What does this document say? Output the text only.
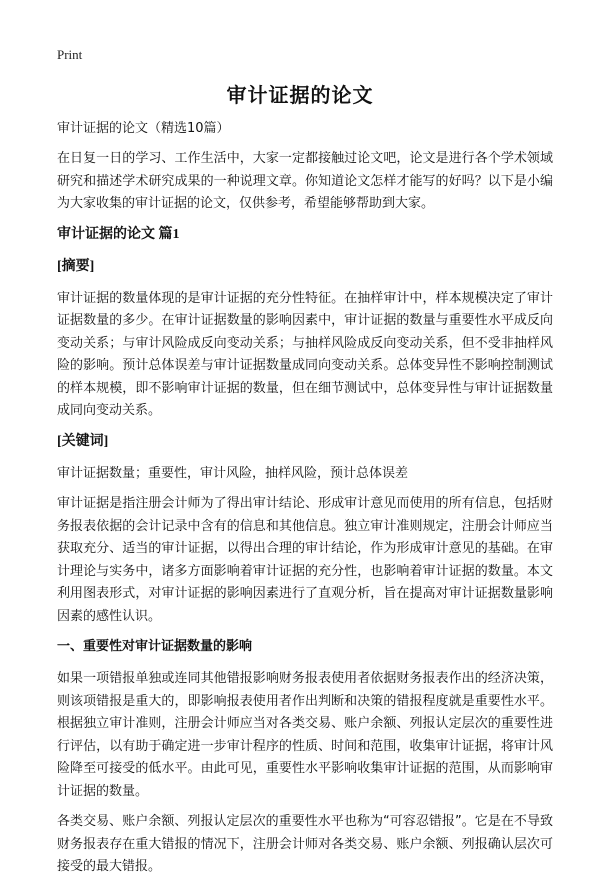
Print
审计证据的论文

审计证据的论文（精选10篇）

在日复一日的学习、工作生活中，大家一定都接触过论文吧，论文是进行各个学术领域研究和描述学术研究成果的一种说理文章。你知道论文怎样才能写的好吗？以下是小编为大家收集的审计证据的论文，仅供参考，希望能够帮助到大家。

审计证据的论文 篇1

[摘要]

审计证据的数量体现的是审计证据的充分性特征。在抽样审计中，样本规模决定了审计证据数量的多少。在审计证据数量的影响因素中，审计证据的数量与重要性水平成反向变动关系；与审计风险成反向变动关系；与抽样风险成反向变动关系，但不受非抽样风险的影响。预计总体误差与审计证据数量成同向变动关系。总体变异性不影响控制测试的样本规模，即不影响审计证据的数量，但在细节测试中，总体变异性与审计证据数量成同向变动关系。

[关键词]

审计证据数量；重要性，审计风险，抽样风险，预计总体误差

审计证据是指注册会计师为了得出审计结论、形成审计意见而使用的所有信息，包括财务报表依据的会计记录中含有的信息和其他信息。独立审计准则规定，注册会计师应当获取充分、适当的审计证据，以得出合理的审计结论，作为形成审计意见的基础。在审计理论与实务中，诸多方面影响着审计证据的充分性，也影响着审计证据的数量。本文利用图表形式，对审计证据的影响因素进行了直观分析，旨在提高对审计证据数量影响因素的感性认识。

一、重要性对审计证据数量的影响

如果一项错报单独或连同其他错报影响财务报表使用者依据财务报表作出的经济决策，则该项错报是重大的，即影响报表使用者作出判断和决策的错报程度就是重要性水平。根据独立审计准则，注册会计师应当对各类交易、账户余额、列报认定层次的重要性进行评估，以有助于确定进一步审计程序的性质、时间和范围，收集审计证据，将审计风险降至可接受的低水平。由此可见，重要性水平影响收集审计证据的范围，从而影响审计证据的数量。

各类交易、账户余额、列报认定层次的重要性水平也称为“可容忍错报”。它是在不导致财务报表存在重大错报的情况下，注册会计师对各类交易、账户余额、列报确认层次可接受的最大错报。
